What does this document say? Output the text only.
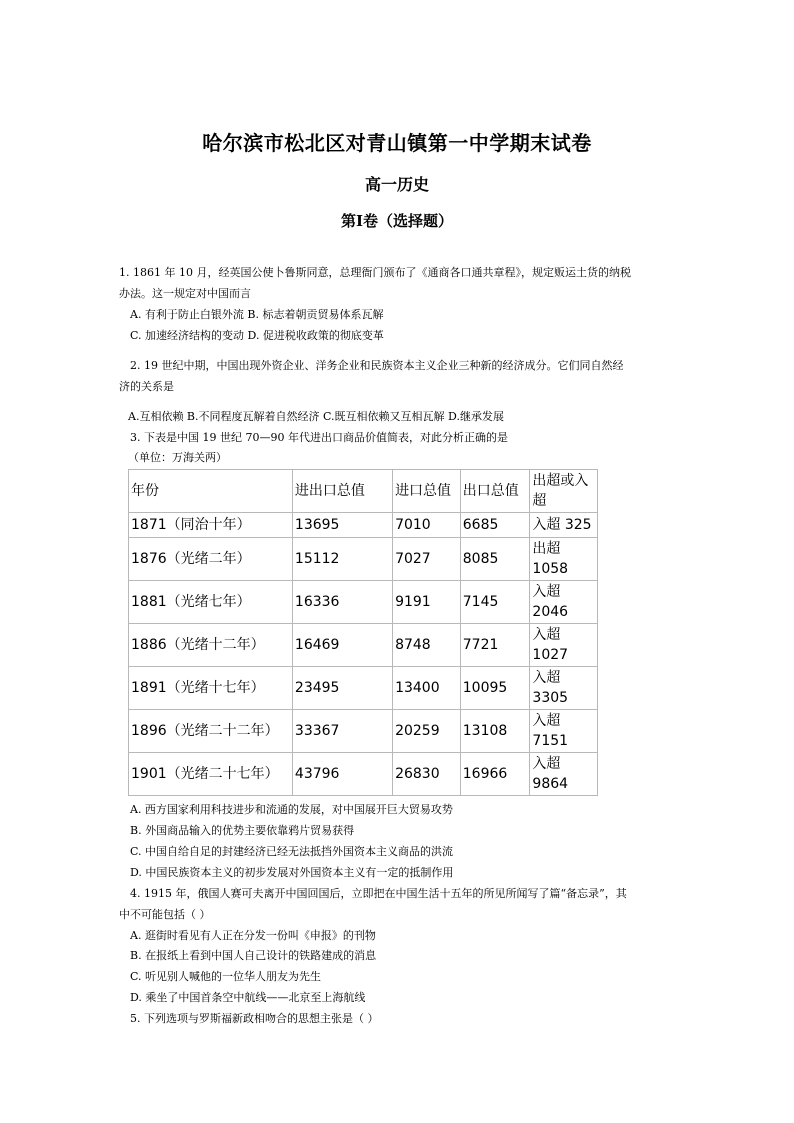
哈尔滨市松北区对青山镇第一中学期末试卷
高一历史
第Ⅰ卷（选择题）
1. 1861 年 10 月，经英国公使卜鲁斯同意，总理衙门颁布了《通商各口通共章程》，规定贩运土货的纳税
办法。这一规定对中国而言
A. 有利于防止白银外流 B. 标志着朝贡贸易体系瓦解
C. 加速经济结构的变动 D. 促进税收政策的彻底变革
2. 19 世纪中期，中国出现外资企业、洋务企业和民族资本主义企业三种新的经济成分。它们同自然经
济的关系是
A.互相依赖 B.不同程度瓦解着自然经济 C.既互相依赖又互相瓦解 D.继承发展
3. 下表是中国 19 世纪 70—90 年代进出口商品价值简表，对此分析正确的是
（单位：万海关两）
年份	进出口总值	进口总值	出口总值	出超或入超
1871（同治十年）	13695	7010	6685	入超 325
1876（光绪二年）	15112	7027	8085	出超 1058
1881（光绪七年）	16336	9191	7145	入超 2046
1886（光绪十二年）	16469	8748	7721	入超 1027
1891（光绪十七年）	23495	13400	10095	入超 3305
1896（光绪二十二年）	33367	20259	13108	入超 7151
1901（光绪二十七年）	43796	26830	16966	入超 9864
A. 西方国家利用科技进步和流通的发展，对中国展开巨大贸易攻势
B. 外国商品输入的优势主要依靠鸦片贸易获得
C. 中国自给自足的封建经济已经无法抵挡外国资本主义商品的洪流
D. 中国民族资本主义的初步发展对外国资本主义有一定的抵制作用
4. 1915 年，俄国人赛可夫离开中国回国后，立即把在中国生活十五年的所见所闻写了篇“备忘录”，其
中不可能包括（ ）
A. 逛街时看见有人正在分发一份叫《申报》的刊物
B. 在报纸上看到中国人自己设计的铁路建成的消息
C. 听见别人喊他的一位华人朋友为先生
D. 乘坐了中国首条空中航线——北京至上海航线
5. 下列选项与罗斯福新政相吻合的思想主张是（ ）
